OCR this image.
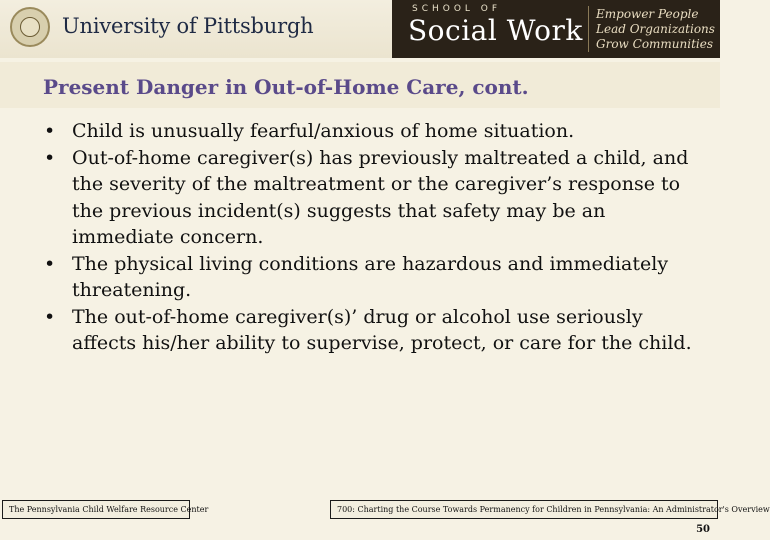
University of Pittsburgh
SCHOOL OF
Social Work Empower People
Lead Organizations
Grow Communities
Present Danger in Out-of-Home Care, cont.
• Child is unusually fearful/anxious of home situation.
• Out-of-home caregiver(s) has previously maltreated a child, and the severity of the maltreatment or the caregiver’s response to the previous incident(s) suggests that safety may be an immediate concern.
• The physical living conditions are hazardous and immediately threatening.
• The out-of-home caregiver(s)’ drug or alcohol use seriously affects his/her ability to supervise, protect, or care for the child.
The Pennsylvania Child Welfare Resource Center	700: Charting the Course Towards Permanency for Children in Pennsylvania: An Administrator's Overview
50
